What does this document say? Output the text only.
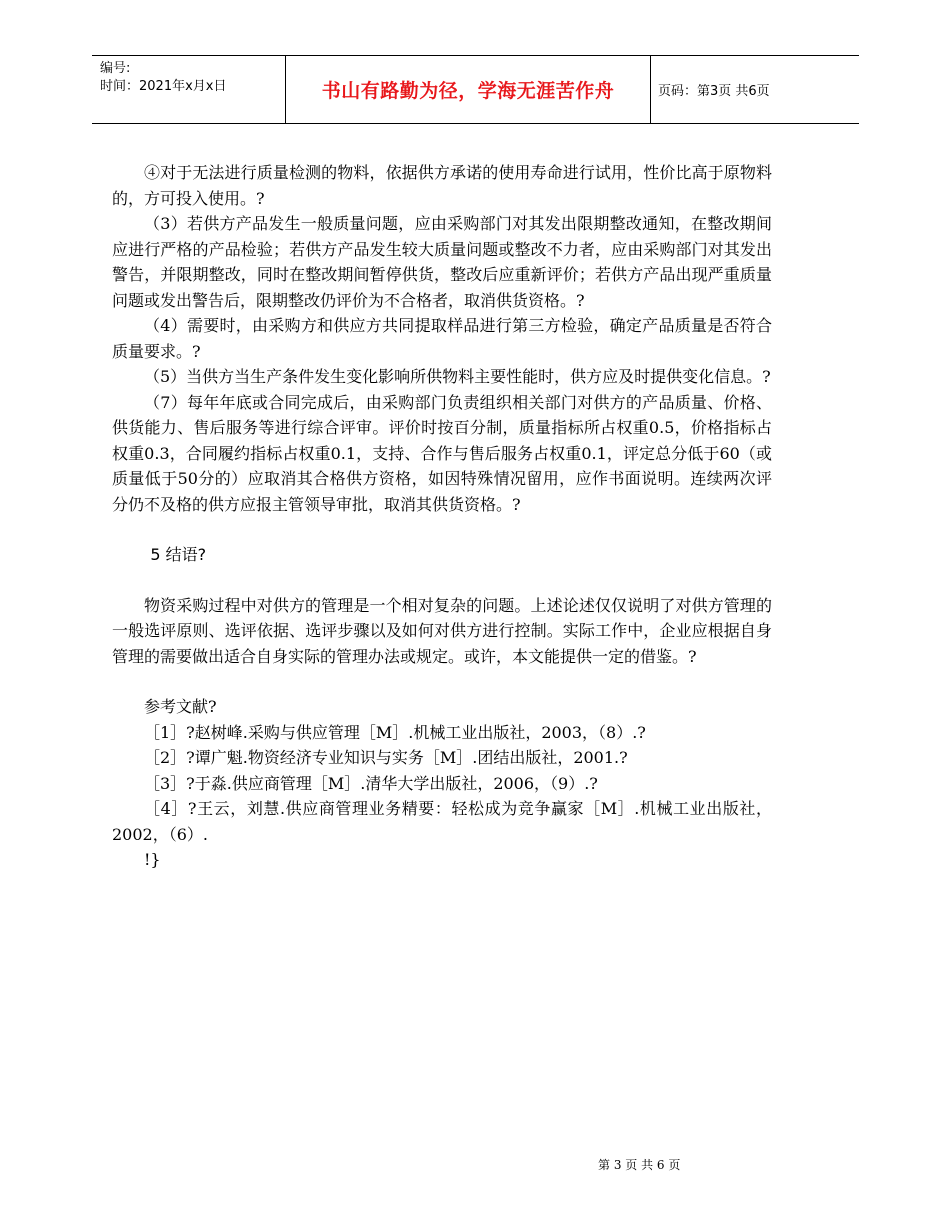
编号:
时间：2021年x月x日	书山有路勤为径，学海无涯苦作舟	页码：第3页 共6页

④对于无法进行质量检测的物料，依据供方承诺的使用寿命进行试用，性价比高于原物料的，方可投入使用。?

（3）若供方产品发生一般质量问题，应由采购部门对其发出限期整改通知，在整改期间应进行严格的产品检验；若供方产品发生较大质量问题或整改不力者，应由采购部门对其发出警告，并限期整改，同时在整改期间暂停供货，整改后应重新评价；若供方产品出现严重质量问题或发出警告后，限期整改仍评价为不合格者，取消供货资格。?

（4）需要时，由采购方和供应方共同提取样品进行第三方检验，确定产品质量是否符合质量要求。?

（5）当供方当生产条件发生变化影响所供物料主要性能时，供方应及时提供变化信息。?

（7）每年年底或合同完成后，由采购部门负责组织相关部门对供方的产品质量、价格、供货能力、售后服务等进行综合评审。评价时按百分制，质量指标所占权重0.5，价格指标占权重0.3，合同履约指标占权重0.1，支持、合作与售后服务占权重0.1，评定总分低于60（或质量低于50分的）应取消其合格供方资格，如因特殊情况留用，应作书面说明。连续两次评分仍不及格的供方应报主管领导审批，取消其供货资格。?

5 结语?

物资采购过程中对供方的管理是一个相对复杂的问题。上述论述仅仅说明了对供方管理的一般选评原则、选评依据、选评步骤以及如何对供方进行控制。实际工作中，企业应根据自身管理的需要做出适合自身实际的管理办法或规定。或许，本文能提供一定的借鉴。?

参考文献?

［1］?赵树峰.采购与供应管理［M］.机械工业出版社，2003，（8）.?

［2］?谭广魁.物资经济专业知识与实务［M］.团结出版社，2001.?

［3］?于淼.供应商管理［M］.清华大学出版社，2006，（9）.?

［4］?王云，刘慧.供应商管理业务精要：轻松成为竞争赢家［M］.机械工业出版社，2002，（6）.

!}

第 3 页 共 6 页
